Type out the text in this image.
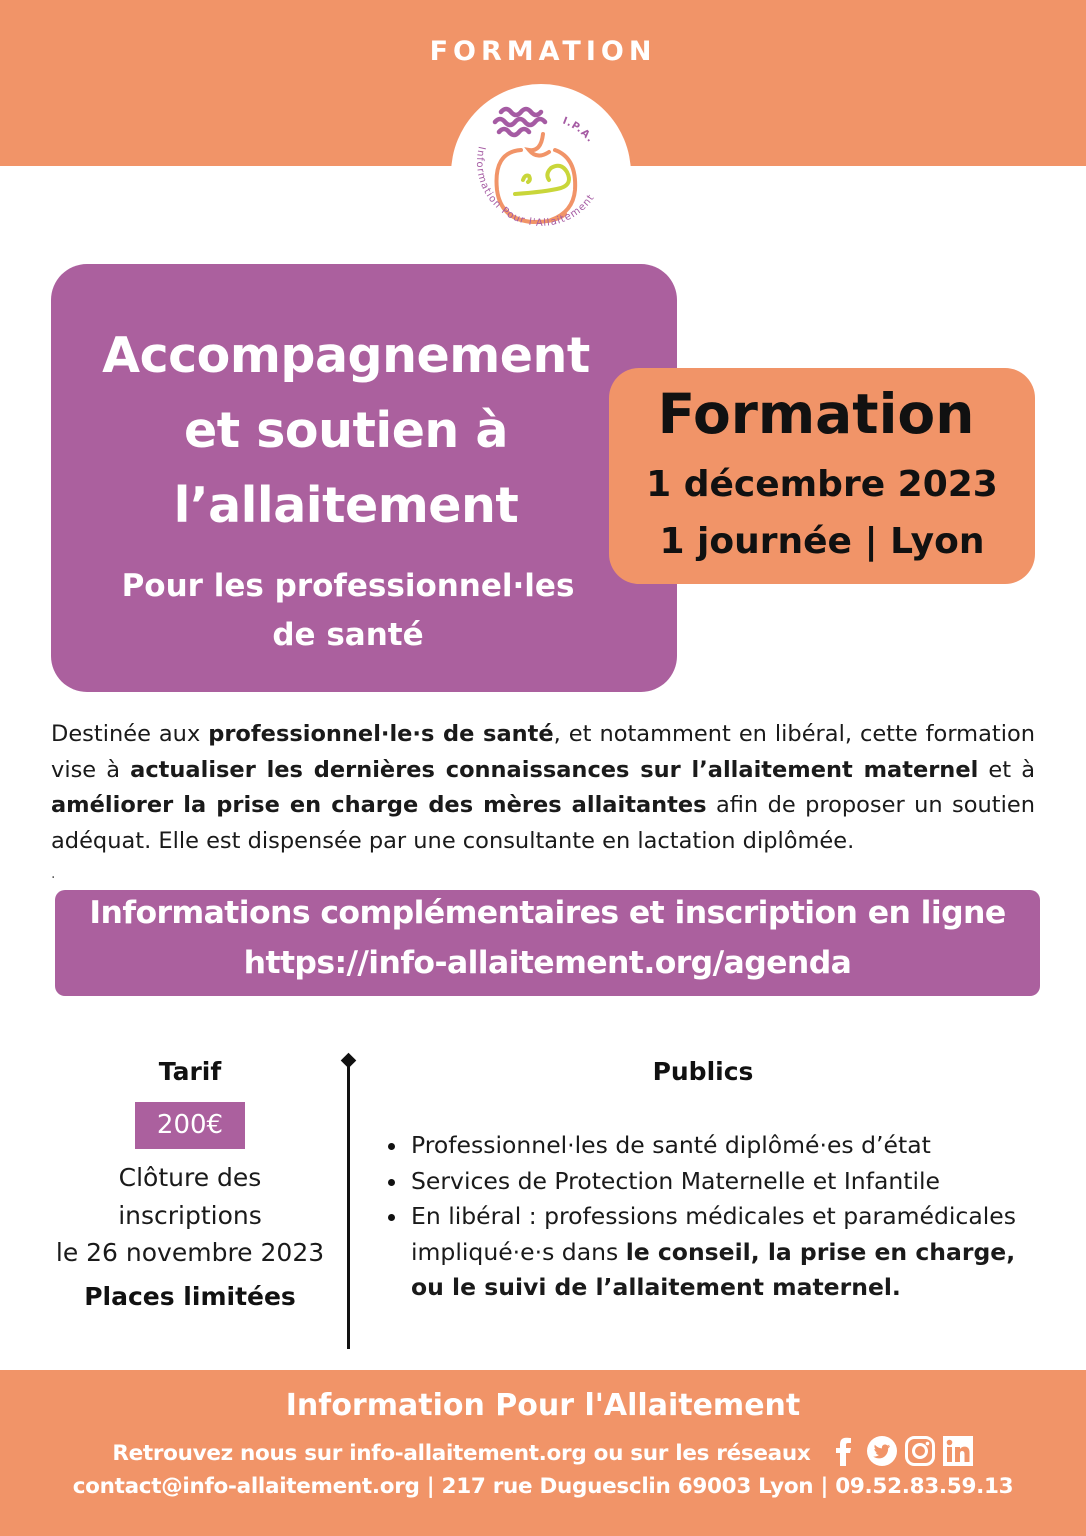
FORMATION
Information Pour l'Allaitement
I.P.A.
Accompagnement
et soutien à
l’allaitement
Pour les professionnel·les
de santé
Formation
1 décembre 2023
1 journée | Lyon

Destinée aux professionnel·le·s de santé, et notamment en libéral, cette formation vise à actualiser les dernières connaissances sur l’allaitement maternel et à améliorer la prise en charge des mères allaitantes afin de proposer un soutien adéquat. Elle est dispensée par une consultante en lactation diplômée.

.
Informations complémentaires et inscription en ligne
https://info-allaitement.org/agenda
Tarif
200€
Clôture des
inscriptions
le 26 novembre 2023
Places limitées
Publics
Professionnel·les de santé diplômé·es d’état
Services de Protection Maternelle et Infantile
En libéral : professions médicales et paramédicales impliqué·e·s dans le conseil, la prise en charge, ou le suivi de l’allaitement maternel.
Information Pour l'Allaitement
Retrouvez nous sur info-allaitement.org ou sur les réseaux
contact@info-allaitement.org | 217 rue Duguesclin 69003 Lyon | 09.52.83.59.13
